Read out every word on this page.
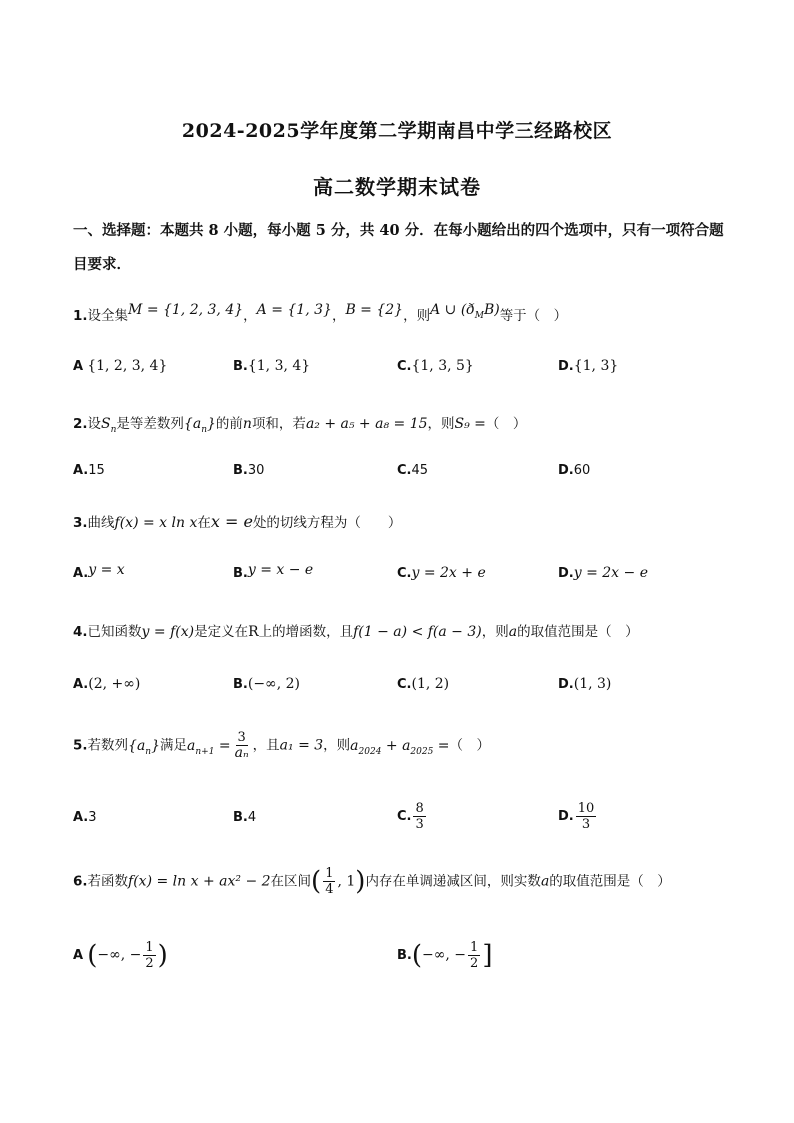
2024-2025学年度第二学期南昌中学三经路校区
高二数学期末试卷
一、选择题：本题共 8 小题，每小题 5 分，共 40 分．在每小题给出的四个选项中，只有一项符合题目要求．
1.设全集M = {1, 2, 3, 4}，A = {1, 3}，B = {2}，则A ∪ $(ð_MB)$等于（　）
A {1, 2, 3, 4}	B.{1, 3, 4}	C.{1, 3, 5}	D.{1, 3}
2.设$S_n$是等差数列$\{a_n\}$的前n项和，若a₂ + a₅ + a₈ = 15，则S₉ =（　）
A.15	B.30	C.45	D.60
3.曲线f(x) = x ln x在x = e处的切线方程为（　　）
A.y = x	B.y = x − e	C.y = 2x + e	D.y = 2x − e
4.已知函数y = f(x)是定义在R上的增函数，且f(1 − a) < f(a − 3)，则a的取值范围是（　）
A.(2, +∞)	B.(−∞, 2)	C.(1, 2)	D.(1, 3)
5.若数列$\{a_n\}$满足$a_{n+1} = \frac{3}{\text{aₙ}}$ ，且a₁ = 3，则$a_{2024} + a_{2025}$ =（　）
A.3	B.4	C. $\frac{8}{3}$	D. $\frac{10}{3}$
6.若函数f(x) = ln x + ax² − 2在区间( $\frac{1}{4}$ , 1)内存在单调递减区间，则实数a的取值范围是（　）
A (−∞, − $\frac{1}{2}$ )	B.(−∞, − $\frac{1}{2}$ ]
